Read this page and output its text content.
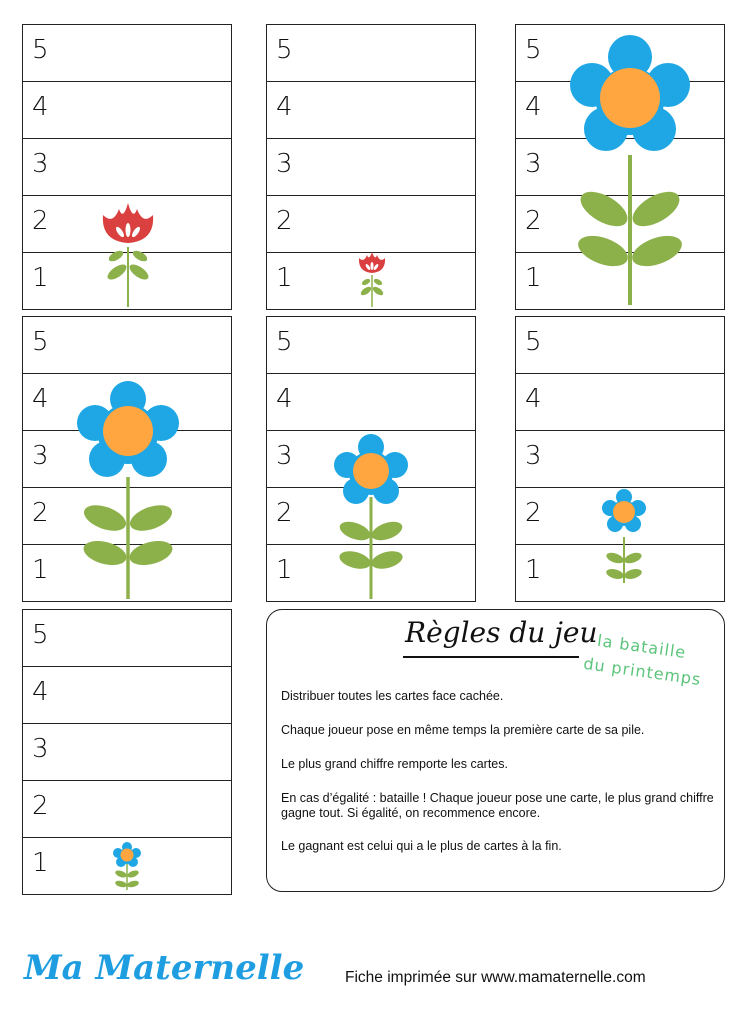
5
4
3
2
1
5
4
3
2
1
5
4
3
2
1
5
4
3
2
1
5
4
3
2
1
5
4
3
2
1
5
4
3
2
1
Règles du jeu
la bataille
du printemps
Distribuer toutes les cartes face cachée.
Chaque joueur pose en même temps la première carte de sa pile.
Le plus grand chiffre remporte les cartes.
En cas d’égalité : bataille ! Chaque joueur pose une carte, le plus grand chiffre gagne tout. Si égalité, on recommence encore.
Le gagnant est celui qui a le plus de cartes à la fin.
Ma Maternelle	Fiche imprimée sur www.mamaternelle.com
